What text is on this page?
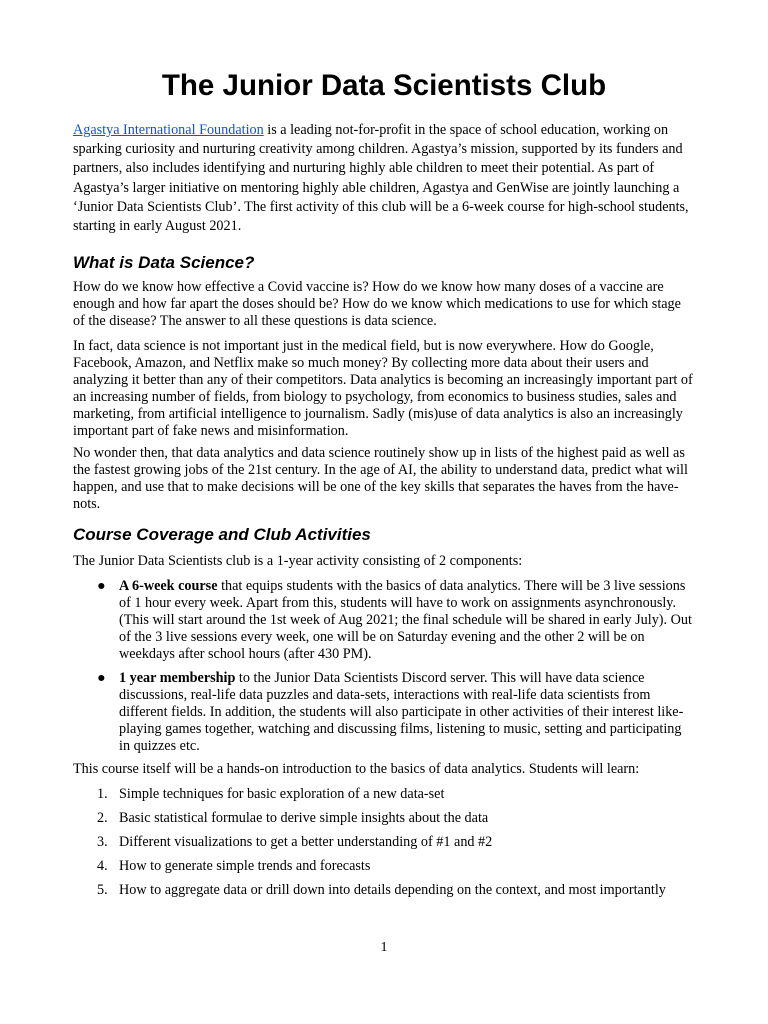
The Junior Data Scientists Club

Agastya International Foundation is a leading not-for-profit in the space of school education, working on sparking curiosity and nurturing creativity among children. Agastya’s mission, supported by its funders and partners, also includes identifying and nurturing highly able children to meet their potential. As part of Agastya’s larger initiative on mentoring highly able children, Agastya and GenWise are jointly launching a ‘Junior Data Scientists Club’. The first activity of this club will be a 6-week course for high-school students, starting in early August 2021.

What is Data Science?

How do we know how effective a Covid vaccine is? How do we know how many doses of a vaccine are enough and how far apart the doses should be? How do we know which medications to use for which stage of the disease? The answer to all these questions is data science.

In fact, data science is not important just in the medical field, but is now everywhere. How do Google, Facebook, Amazon, and Netflix make so much money? By collecting more data about their users and analyzing it better than any of their competitors. Data analytics is becoming an increasingly important part of an increasing number of fields, from biology to psychology, from economics to business studies, sales and marketing, from artificial intelligence to journalism. Sadly (mis)use of data analytics is also an increasingly important part of fake news and misinformation.

No wonder then, that data analytics and data science routinely show up in lists of the highest paid as well as the fastest growing jobs of the 21st century. In the age of AI, the ability to understand data, predict what will happen, and use that to make decisions will be one of the key skills that separates the haves from the have-nots.

Course Coverage and Club Activities

The Junior Data Scientists club is a 1-year activity consisting of 2 components:

● A 6-week course that equips students with the basics of data analytics. There will be 3 live sessions of 1 hour every week. Apart from this, students will have to work on assignments asynchronously. (This will start around the 1st week of Aug 2021; the final schedule will be shared in early July). Out of the 3 live sessions every week, one will be on Saturday evening and the other 2 will be on weekdays after school hours (after 430 PM).
● 1 year membership to the Junior Data Scientists Discord server. This will have data science discussions, real-life data puzzles and data-sets, interactions with real-life data scientists from different fields. In addition, the students will also participate in other activities of their interest like- playing games together, watching and discussing films, listening to music, setting and participating in quizzes etc.

This course itself will be a hands-on introduction to the basics of data analytics. Students will learn:

1. Simple techniques for basic exploration of a new data-set
2. Basic statistical formulae to derive simple insights about the data
3. Different visualizations to get a better understanding of #1 and #2
4. How to generate simple trends and forecasts
5. How to aggregate data or drill down into details depending on the context, and most importantly
1
